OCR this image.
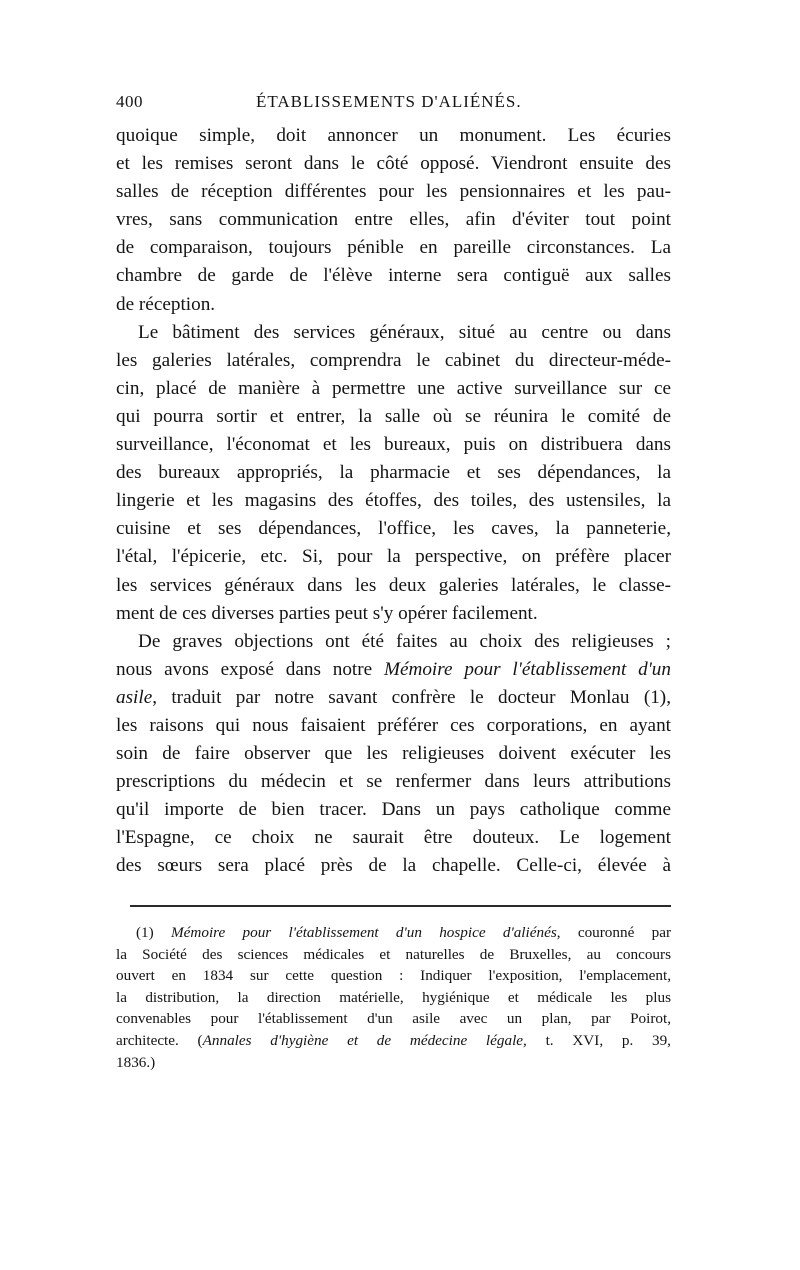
400	ÉTABLISSEMENTS D'ALIÉNÉS.
quoique simple, doit annoncer un monument. Les écuries
et les remises seront dans le côté opposé. Viendront ensuite des
salles de réception différentes pour les pensionnaires et les pau-
vres, sans communication entre elles, afin d'éviter tout point
de comparaison, toujours pénible en pareille circonstances. La
chambre de garde de l'élève interne sera contiguë aux salles
de réception.
Le bâtiment des services généraux, situé au centre ou dans
les galeries latérales, comprendra le cabinet du directeur-méde-
cin, placé de manière à permettre une active surveillance sur ce
qui pourra sortir et entrer, la salle où se réunira le comité de
surveillance, l'économat et les bureaux, puis on distribuera dans
des bureaux appropriés, la pharmacie et ses dépendances, la
lingerie et les magasins des étoffes, des toiles, des ustensiles, la
cuisine et ses dépendances, l'office, les caves, la panneterie,
l'étal, l'épicerie, etc. Si, pour la perspective, on préfère placer
les services généraux dans les deux galeries latérales, le classe-
ment de ces diverses parties peut s'y opérer facilement.
De graves objections ont été faites au choix des religieuses ;
nous avons exposé dans notre Mémoire pour l'établissement d'un
asile, traduit par notre savant confrère le docteur Monlau (1),
les raisons qui nous faisaient préférer ces corporations, en ayant
soin de faire observer que les religieuses doivent exécuter les
prescriptions du médecin et se renfermer dans leurs attributions
qu'il importe de bien tracer. Dans un pays catholique comme
l'Espagne, ce choix ne saurait être douteux. Le logement
des sœurs sera placé près de la chapelle. Celle-ci, élevée à
(1) Mémoire pour l'établissement d'un hospice d'aliénés, couronné par
la Société des sciences médicales et naturelles de Bruxelles, au concours
ouvert en 1834 sur cette question : Indiquer l'exposition, l'emplacement,
la distribution, la direction matérielle, hygiénique et médicale les plus
convenables pour l'établissement d'un asile avec un plan, par Poirot,
architecte. (Annales d'hygiène et de médecine légale, t. XVI, p. 39,
1836.)
